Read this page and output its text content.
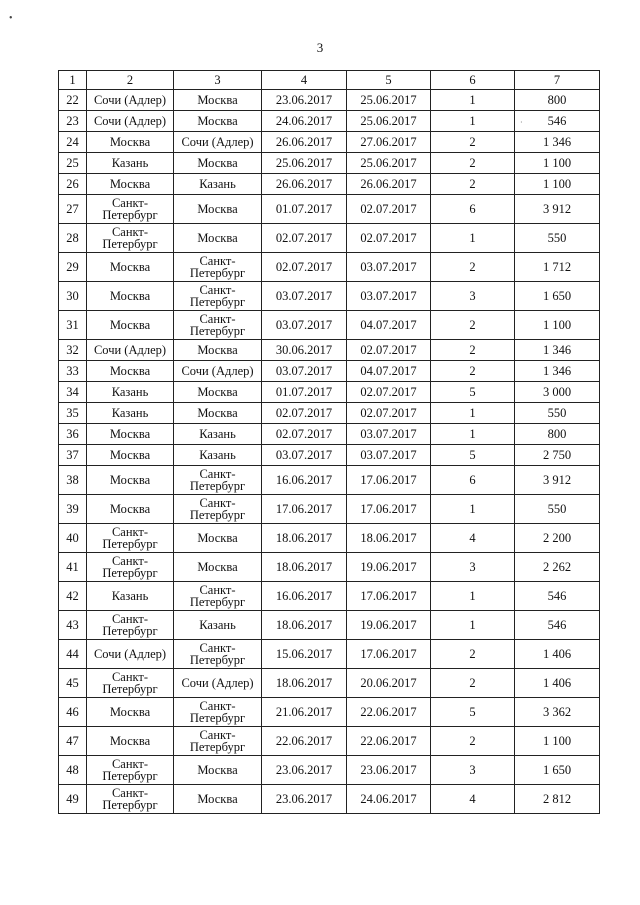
•
3
1	2	3	4	5	6	7
22	Сочи (Адлер)	Москва	23.06.2017	25.06.2017	1	800
23	Сочи (Адлер)	Москва	24.06.2017	25.06.2017	1	546
24	Москва	Сочи (Адлер)	26.06.2017	27.06.2017	2	1 346
25	Казань	Москва	25.06.2017	25.06.2017	2	1 100
26	Москва	Казань	26.06.2017	26.06.2017	2	1 100
27	Санкт-
Петербург	Москва	01.07.2017	02.07.2017	6	3 912
28	Санкт-
Петербург	Москва	02.07.2017	02.07.2017	1	550
29	Москва	Санкт-
Петербург	02.07.2017	03.07.2017	2	1 712
30	Москва	Санкт-
Петербург	03.07.2017	03.07.2017	3	1 650
31	Москва	Санкт-
Петербург	03.07.2017	04.07.2017	2	1 100
32	Сочи (Адлер)	Москва	30.06.2017	02.07.2017	2	1 346
33	Москва	Сочи (Адлер)	03.07.2017	04.07.2017	2	1 346
34	Казань	Москва	01.07.2017	02.07.2017	5	3 000
35	Казань	Москва	02.07.2017	02.07.2017	1	550
36	Москва	Казань	02.07.2017	03.07.2017	1	800
37	Москва	Казань	03.07.2017	03.07.2017	5	2 750
38	Москва	Санкт-
Петербург	16.06.2017	17.06.2017	6	3 912
39	Москва	Санкт-
Петербург	17.06.2017	17.06.2017	1	550
40	Санкт-
Петербург	Москва	18.06.2017	18.06.2017	4	2 200
41	Санкт-
Петербург	Москва	18.06.2017	19.06.2017	3	2 262
42	Казань	Санкт-
Петербург	16.06.2017	17.06.2017	1	546
43	Санкт-
Петербург	Казань	18.06.2017	19.06.2017	1	546
44	Сочи (Адлер)	Санкт-
Петербург	15.06.2017	17.06.2017	2	1 406
45	Санкт-
Петербург	Сочи (Адлер)	18.06.2017	20.06.2017	2	1 406
46	Москва	Санкт-
Петербург	21.06.2017	22.06.2017	5	3 362
47	Москва	Санкт-
Петербург	22.06.2017	22.06.2017	2	1 100
48	Санкт-
Петербург	Москва	23.06.2017	23.06.2017	3	1 650
49	Санкт-
Петербург	Москва	23.06.2017	24.06.2017	4	2 812
·
